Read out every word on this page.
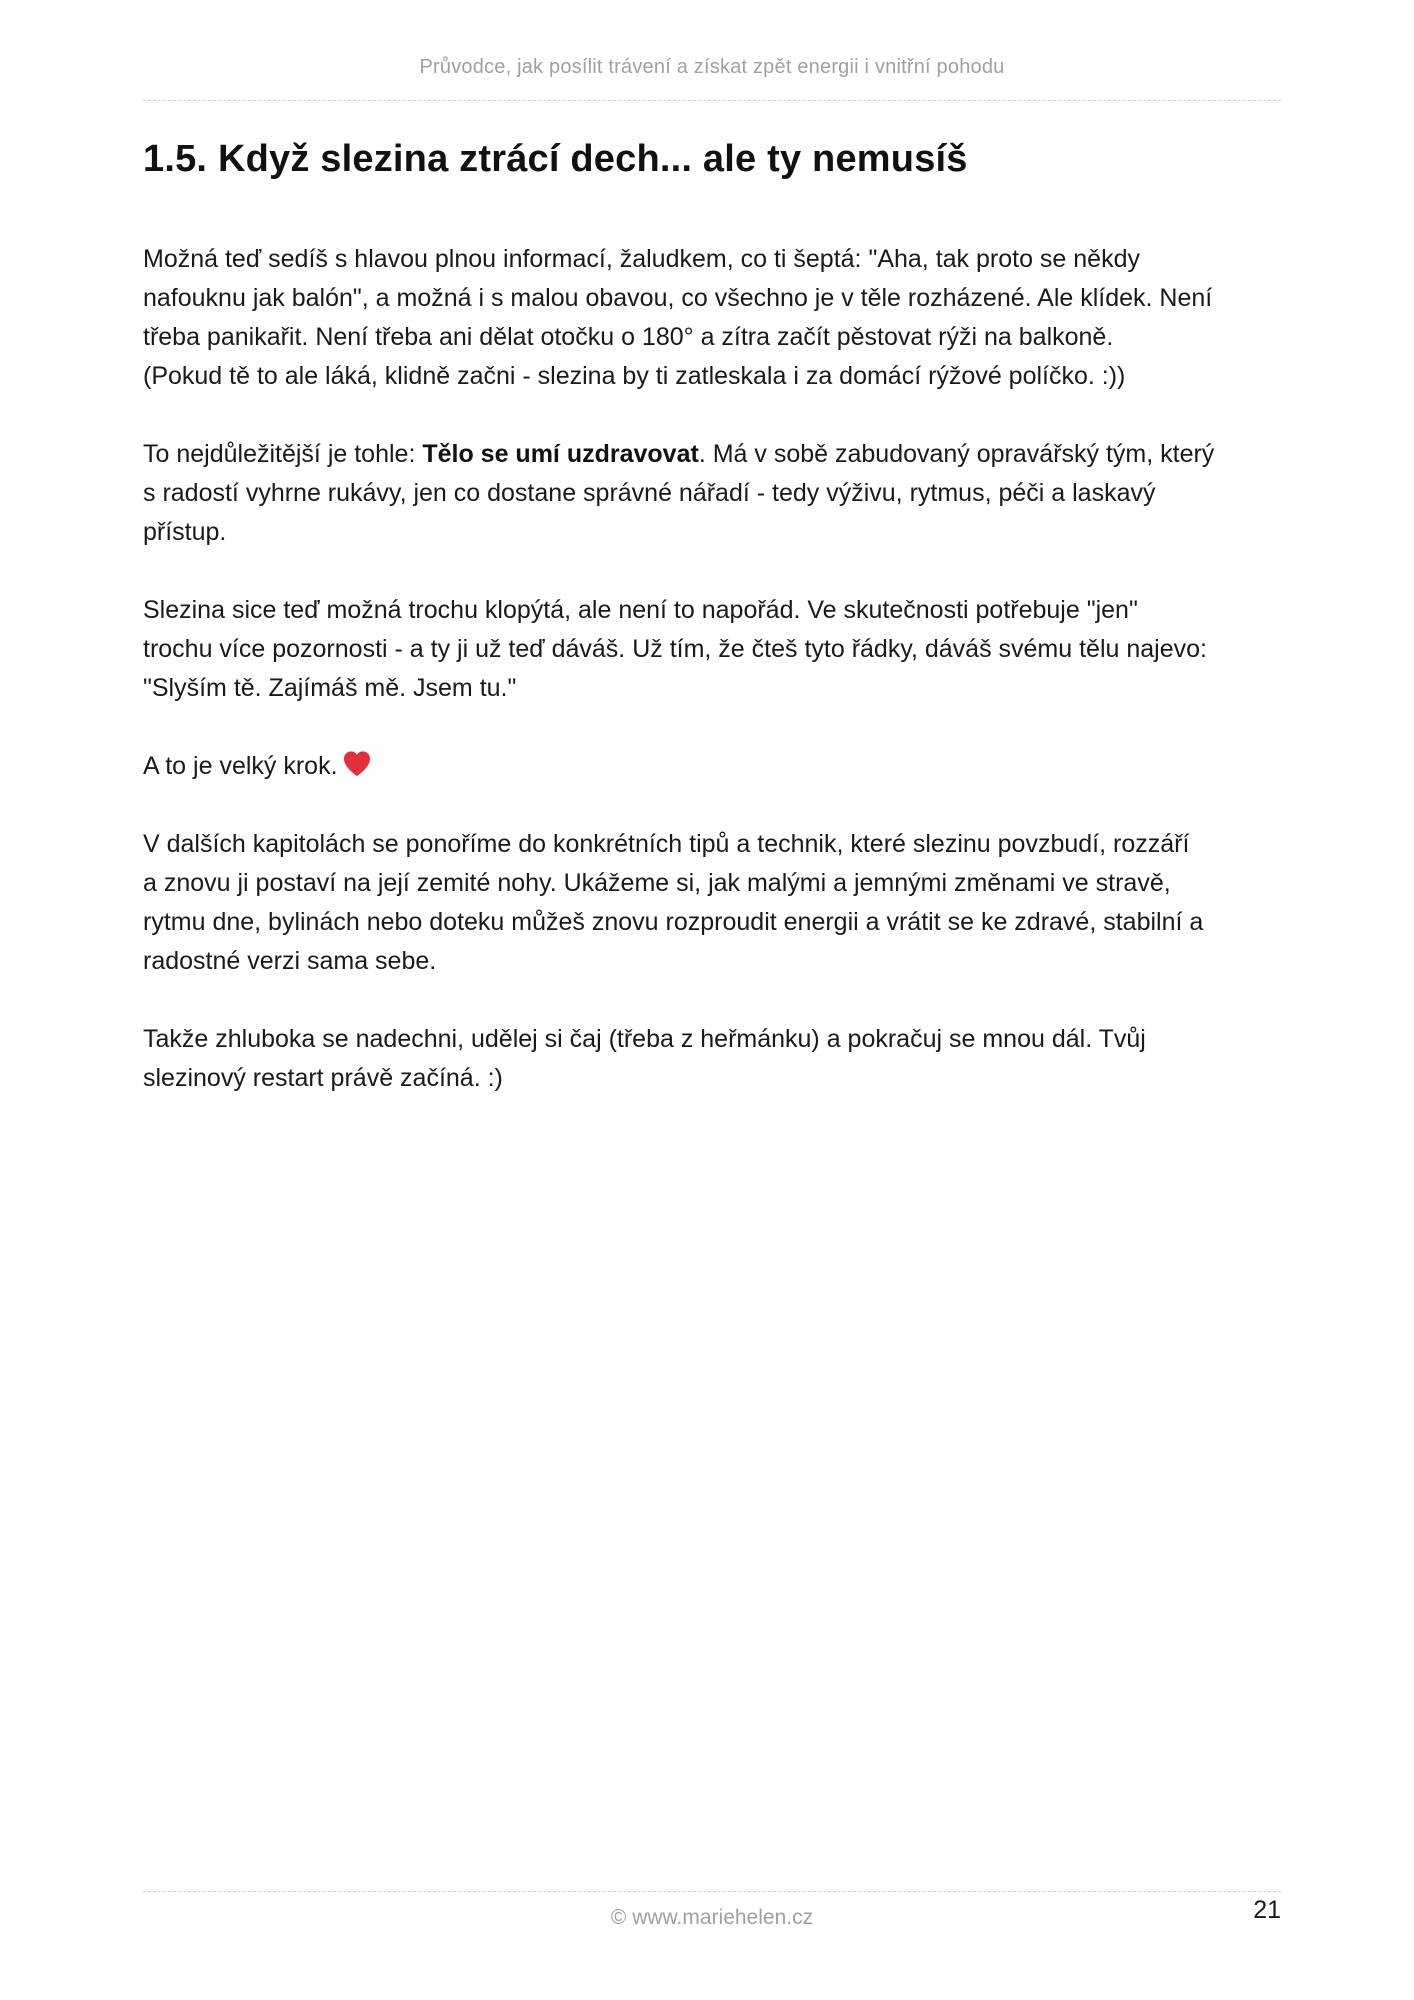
Průvodce, jak posílit trávení a získat zpět energii i vnitřní pohodu
1.5. Když slezina ztrácí dech... ale ty nemusíš

Možná teď sedíš s hlavou plnou informací, žaludkem, co ti šeptá: "Aha, tak proto se někdy
nafouknu jak balón", a možná i s malou obavou, co všechno je v těle rozházené. Ale klídek. Není
třeba panikařit. Není třeba ani dělat otočku o 180° a zítra začít pěstovat rýži na balkoně.
(Pokud tě to ale láká, klidně začni - slezina by ti zatleskala i za domácí rýžové políčko. :))

To nejdůležitější je tohle: Tělo se umí uzdravovat. Má v sobě zabudovaný opravářský tým, který
s radostí vyhrne rukávy, jen co dostane správné nářadí - tedy výživu, rytmus, péči a laskavý
přístup.

Slezina sice teď možná trochu klopýtá, ale není to napořád. Ve skutečnosti potřebuje "jen"
trochu více pozornosti - a ty ji už teď dáváš. Už tím, že čteš tyto řádky, dáváš svému tělu najevo:
"Slyším tě. Zajímáš mě. Jsem tu."

A to je velký krok.

V dalších kapitolách se ponoříme do konkrétních tipů a technik, které slezinu povzbudí, rozzáří
a znovu ji postaví na její zemité nohy. Ukážeme si, jak malými a jemnými změnami ve stravě,
rytmu dne, bylinách nebo doteku můžeš znovu rozproudit energii a vrátit se ke zdravé, stabilní a
radostné verzi sama sebe.

Takže zhluboka se nadechni, udělej si čaj (třeba z heřmánku) a pokračuj se mnou dál. Tvůj
slezinový restart právě začíná. :)

© www.mariehelen.cz	21
